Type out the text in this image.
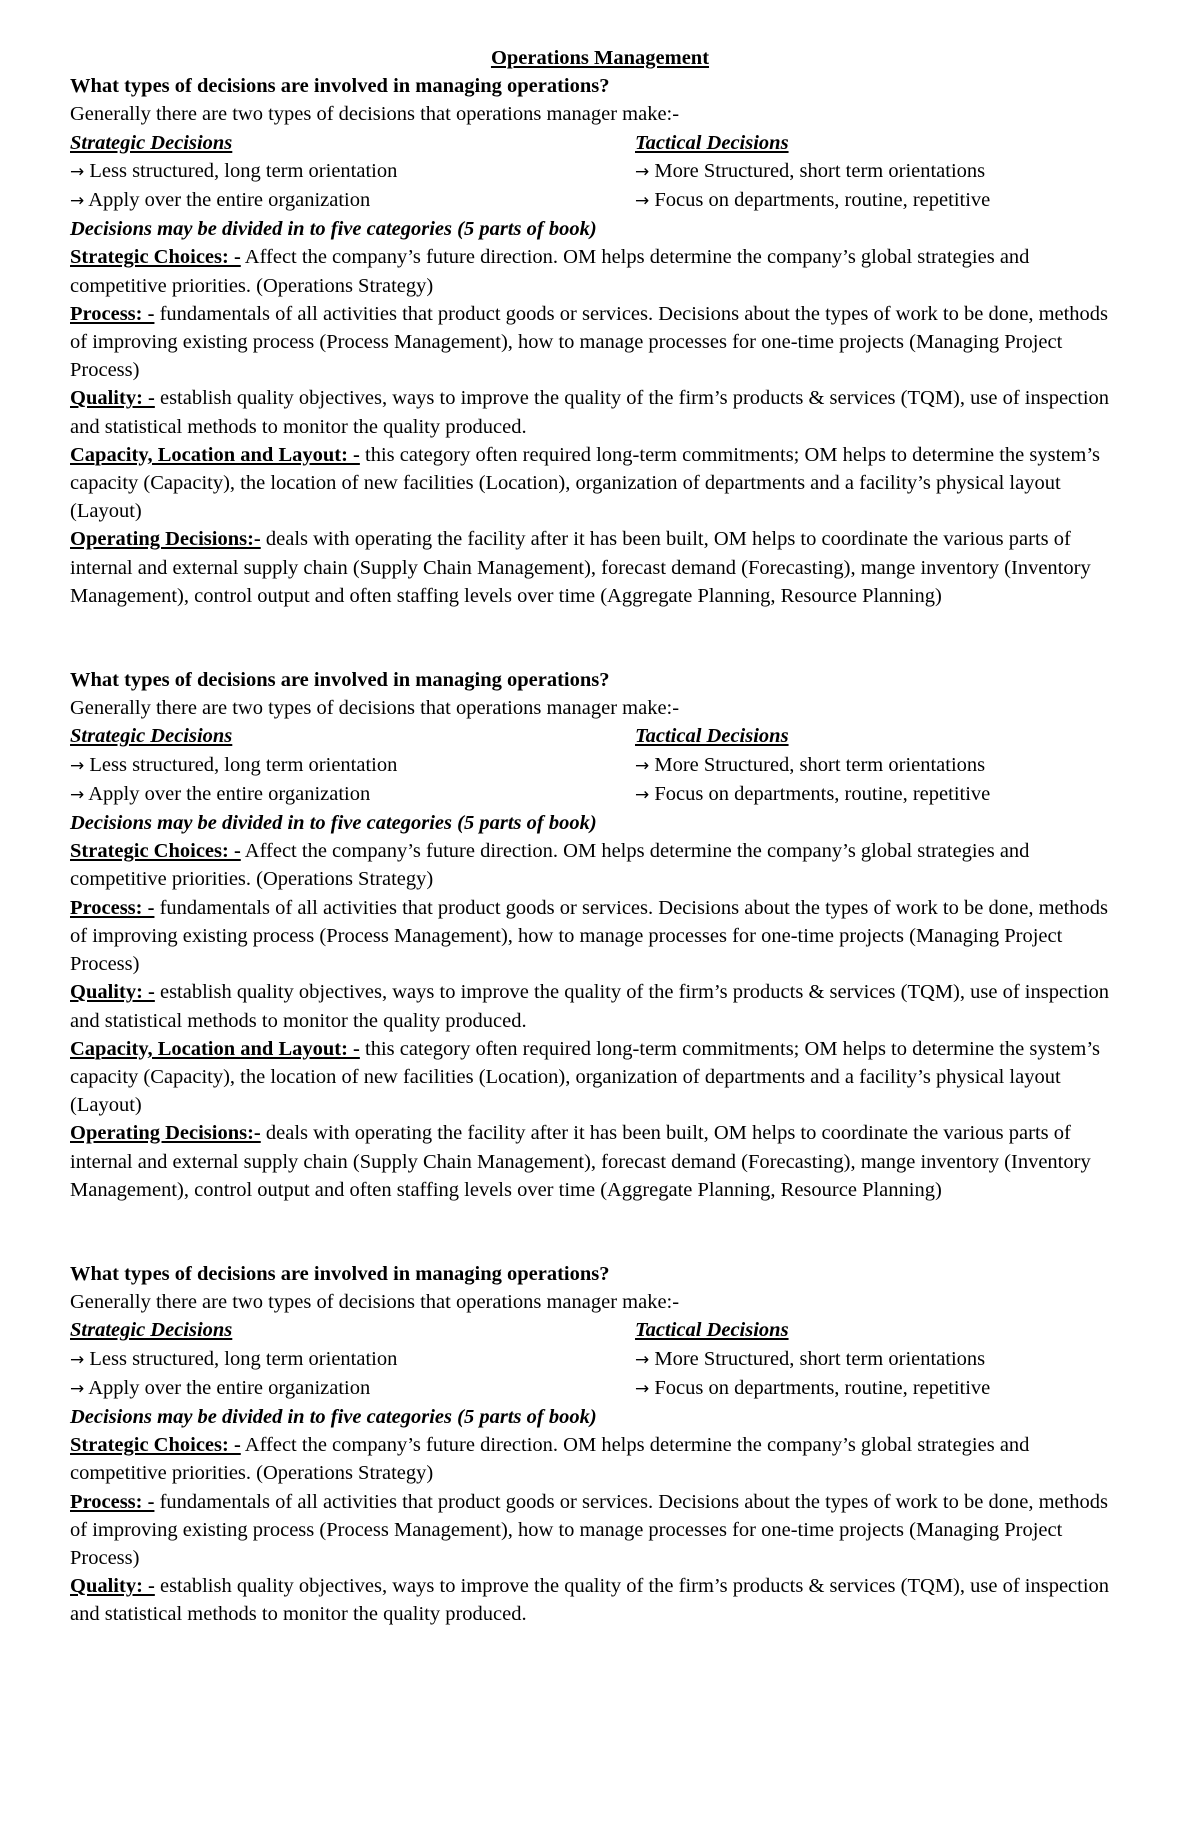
Operations Management

What types of decisions are involved in managing operations?

Generally there are two types of decisions that operations manager make:-

Strategic Decisions	Tactical Decisions
→ Less structured, long term orientation	→ More Structured, short term orientations
→ Apply over the entire organization	→ Focus on departments, routine, repetitive

Decisions may be divided in to five categories (5 parts of book)

Strategic Choices: - Affect the company’s future direction. OM helps determine the company’s global strategies and competitive priorities. (Operations Strategy)

Process: - fundamentals of all activities that product goods or services. Decisions about the types of work to be done, methods of improving existing process (Process Management), how to manage processes for one-time projects (Managing Project Process)

Quality: - establish quality objectives, ways to improve the quality of the firm’s products & services (TQM), use of inspection and statistical methods to monitor the quality produced.

Capacity, Location and Layout: - this category often required long-term commitments; OM helps to determine the system’s capacity (Capacity), the location of new facilities (Location), organization of departments and a facility’s physical layout (Layout)

Operating Decisions:- deals with operating the facility after it has been built, OM helps to coordinate the various parts of internal and external supply chain (Supply Chain Management), forecast demand (Forecasting), mange inventory (Inventory Management), control output and often staffing levels over time (Aggregate Planning, Resource Planning)

What types of decisions are involved in managing operations?

Generally there are two types of decisions that operations manager make:-

Strategic Decisions	Tactical Decisions
→ Less structured, long term orientation	→ More Structured, short term orientations
→ Apply over the entire organization	→ Focus on departments, routine, repetitive

Decisions may be divided in to five categories (5 parts of book)

Strategic Choices: - Affect the company’s future direction. OM helps determine the company’s global strategies and competitive priorities. (Operations Strategy)

Process: - fundamentals of all activities that product goods or services. Decisions about the types of work to be done, methods of improving existing process (Process Management), how to manage processes for one-time projects (Managing Project Process)

Quality: - establish quality objectives, ways to improve the quality of the firm’s products & services (TQM), use of inspection and statistical methods to monitor the quality produced.

Capacity, Location and Layout: - this category often required long-term commitments; OM helps to determine the system’s capacity (Capacity), the location of new facilities (Location), organization of departments and a facility’s physical layout (Layout)

Operating Decisions:- deals with operating the facility after it has been built, OM helps to coordinate the various parts of internal and external supply chain (Supply Chain Management), forecast demand (Forecasting), mange inventory (Inventory Management), control output and often staffing levels over time (Aggregate Planning, Resource Planning)

What types of decisions are involved in managing operations?

Generally there are two types of decisions that operations manager make:-

Strategic Decisions	Tactical Decisions
→ Less structured, long term orientation	→ More Structured, short term orientations
→ Apply over the entire organization	→ Focus on departments, routine, repetitive

Decisions may be divided in to five categories (5 parts of book)

Strategic Choices: - Affect the company’s future direction. OM helps determine the company’s global strategies and competitive priorities. (Operations Strategy)

Process: - fundamentals of all activities that product goods or services. Decisions about the types of work to be done, methods of improving existing process (Process Management), how to manage processes for one-time projects (Managing Project Process)

Quality: - establish quality objectives, ways to improve the quality of the firm’s products & services (TQM), use of inspection and statistical methods to monitor the quality produced.
